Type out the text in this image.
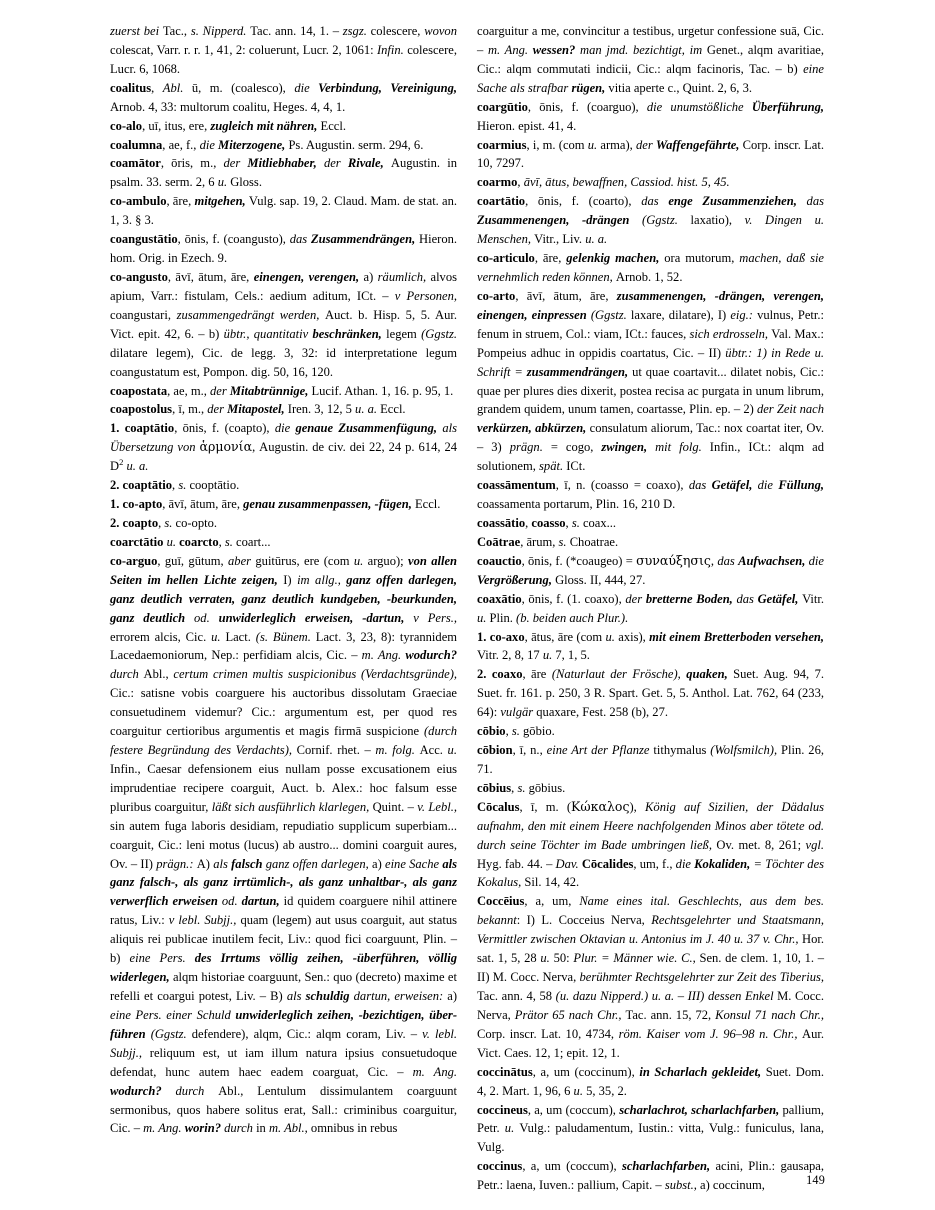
zuerst bei Tac., s. Nipperd. Tac. ann. 14, 1. – zsgz. colescere, wovon colescat, Varr. r. r. 1, 41, 2: coluerunt, Lucr. 2, 1061: Infin. colescere, Lucr. 6, 1068.

coalitus, Abl. ū, m. (coalesco), die Verbindung, Vereinigung, Arnob. 4, 33: multorum coalitu, Heges. 4, 4, 1.

co-alo, uī, itus, ere, zugleich mit nähren, Eccl.

coalumna, ae, f., die Miterzogene, Ps. Augustin. serm. 294, 6.

coamātor, ōris, m., der Mitliebhaber, der Rivale, Augustin. in psalm. 33. serm. 2, 6 u. Gloss.

co-ambulo, āre, mitgehen, Vulg. sap. 19, 2. Claud. Mam. de stat. an. 1, 3. § 3.

coangustātio, ōnis, f. (coangusto), das Zusammendrängen, Hieron. hom. Orig. in Ezech. 9.

co-angusto, āvī, ātum, āre, einengen, verengen, a) räumlich, alvos apium, Varr.: fistulam, Cels.: aedium aditum, ICt. – v Personen, coangustari, zusammengedrängt werden, Auct. b. Hisp. 5, 5. Aur. Vict. epit. 42, 6. – b) übtr., quantitativ beschränken, legem (Ggstz. dilatare legem), Cic. de legg. 3, 32: id interpretatione legum coangustatum est, Pompon. dig. 50, 16, 120.

coapostata, ae, m., der Mitabtrünnige, Lucif. Athan. 1, 16. p. 95, 1.

coapostolus, ī, m., der Mitapostel, Iren. 3, 12, 5 u. a. Eccl.

1. coaptātio, ōnis, f. (coapto), die genaue Zusammenfügung, als Übersetzung von ἁρμονία, Augustin. de civ. dei 22, 24 p. 614, 24 $D^2$ u. a.

2. coaptātio, s. cooptātio.

1. co-apto, āvī, ātum, āre, genau zusammenpassen, -fügen, Eccl.

2. coapto, s. co-opto.

coarctātio u. coarcto, s. coart...

co-arguo, guī, gūtum, aber guitūrus, ere (com u. arguo); von allen Seiten im hellen Lichte zeigen, I) im allg., ganz offen darlegen, ganz deutlich verraten, ganz deutlich kundgeben, -beurkunden, ganz deutlich od. unwiderleglich erweisen, -dartun, v Pers., errorem alcis, Cic. u. Lact. (s. Bünem. Lact. 3, 23, 8): tyrannidem Lacedaemoniorum, Nep.: perfidiam alcis, Cic. – m. Ang. wodurch? durch Abl., certum crimen multis suspicionibus (Verdachtsgründe), Cic.: satisne vobis coarguere his auctoribus dissolutam Graeciae consuetudinem videmur? Cic.: argumentum est, per quod res coarguitur certioribus argumentis et magis firmā suspicione (durch festere Begründung des Verdachts), Cornif. rhet. – m. folg. Acc. u. Infin., Caesar defensionem eius nullam posse excusationem eius imprudentiae recipere coarguit, Auct. b. Alex.: hoc falsum esse pluribus coarguitur, läßt sich ausführlich klarlegen, Quint. – v. Lebl., sin autem fuga laboris desidiam, repudiatio supplicum superbiam... coarguit, Cic.: leni motus (lucus) ab austro... domini coarguit aures, Ov. – II) prägn.: A) als falsch ganz offen darlegen, a) eine Sache als ganz falsch-, als ganz irrtümlich-, als ganz unhaltbar-, als ganz verwerflich erweisen od. dartun, id quidem coarguere nihil attinere ratus, Liv.: v lebl. Subjj., quam (legem) aut usus coarguit, aut status aliquis rei publicae inutilem fecit, Liv.: quod fici coarguunt, Plin. – b) eine Pers. des Irrtums völlig zeihen, -überführen, völlig widerlegen, alqm historiae coarguunt, Sen.: quo (decreto) maxime et refelli et coargui potest, Liv. – B) als schuldig dartun, erweisen: a) eine Pers. einer Schuld unwiderleglich zeihen, -bezichtigen, überführen (Ggstz. defendere), alqm, Cic.: alqm coram, Liv. – v. lebl. Subjj., reliquum est, ut iam illum natura ipsius consuetudoque defendat, hunc autem haec eadem coarguat, Cic. – m. Ang. wodurch? durch Abl., Lentulum dissimulantem coarguunt sermonibus, quos habere solitus erat, Sall.: criminibus coarguitur, Cic. – m. Ang. worin? durch in m. Abl., omnibus in rebus

coarguitur a me, convincitur a testibus, urgetur confessione suā, Cic. – m. Ang. wessen? man jmd. bezichtigt, im Genet., alqm avaritiae, Cic.: alqm commutati indicii, Cic.: alqm facinoris, Tac. – b) eine Sache als strafbar rügen, vitia aperte c., Quint. 2, 6, 3.

coargūtio, ōnis, f. (coarguo), die unumstößliche Überführung, Hieron. epist. 41, 4.

coarmius, i, m. (com u. arma), der Waffengefährte, Corp. inscr. Lat. 10, 7297.

coarmo, āvī, ātus, bewaffnen, Cassiod. hist. 5, 45.

coartātio, ōnis, f. (coarto), das enge Zusammenziehen, das Zusammenengen, -drängen (Ggstz. laxatio), v. Dingen u. Menschen, Vitr., Liv. u. a.

co-articulo, āre, gelenkig machen, ora mutorum, machen, daß sie vernehmlich reden können, Arnob. 1, 52.

co-arto, āvī, ātum, āre, zusammenengen, -drängen, verengen, einengen, einpressen (Ggstz. laxare, dilatare), I) eig.: vulnus, Petr.: fenum in struem, Col.: viam, ICt.: fauces, sich erdrosseln, Val. Max.: Pompeius adhuc in oppidis coartatus, Cic. – II) übtr.: 1) in Rede u. Schrift = zusammendrängen, ut quae coartavit... dilatet nobis, Cic.: quae per plures dies dixerit, postea recisa ac purgata in unum librum, grandem quidem, unum tamen, coartasse, Plin. ep. – 2) der Zeit nach verkürzen, abkürzen, consulatum aliorum, Tac.: nox coartat iter, Ov. – 3) prägn. = cogo, zwingen, mit folg. Infin., ICt.: alqm ad solutionem, spät. ICt.

coassāmentum, ī, n. (coasso = coaxo), das Getäfel, die Füllung, coassamenta portarum, Plin. 16, 210 D.

coassātio, coasso, s. coax...

Coātrae, ārum, s. Choatrae.

coauctio, ōnis, f. (*coaugeo) = συναύξησις, das Aufwachsen, die Vergrößerung, Gloss. II, 444, 27.

coaxātio, ōnis, f. (1. coaxo), der bretterne Boden, das Getäfel, Vitr. u. Plin. (b. beiden auch Plur.).

1. co-axo, ātus, āre (com u. axis), mit einem Bretterboden versehen, Vitr. 2, 8, 17 u. 7, 1, 5.

2. coaxo, āre (Naturlaut der Frösche), quaken, Suet. Aug. 94, 7. Suet. fr. 161. p. 250, 3 R. Spart. Get. 5, 5. Anthol. Lat. 762, 64 (233, 64): vulgär quaxare, Fest. 258 (b), 27.

cōbio, s. gōbio.

cōbion, ī, n., eine Art der Pflanze tithymalus (Wolfsmilch), Plin. 26, 71.

cōbius, s. gōbius.

Cōcalus, ī, m. (Κώκαλος), König auf Sizilien, der Dädalus aufnahm, den mit einem Heere nachfolgenden Minos aber tötete od. durch seine Töchter im Bade umbringen ließ, Ov. met. 8, 261; vgl. Hyg. fab. 44. – Dav. Cōcalides, um, f., die Kokaliden, = Töchter des Kokalus, Sil. 14, 42.

Coccēius, a, um, Name eines ital. Geschlechts, aus dem bes. bekannt: I) L. Cocceius Nerva, Rechtsgelehrter und Staatsmann, Vermittler zwischen Oktavian u. Antonius im J. 40 u. 37 v. Chr., Hor. sat. 1, 5, 28 u. 50: Plur. = Männer wie. C., Sen. de clem. 1, 10, 1. – II) M. Cocc. Nerva, berühmter Rechtsgelehrter zur Zeit des Tiberius, Tac. ann. 4, 58 (u. dazu Nipperd.) u. a. – III) dessen Enkel M. Cocc. Nerva, Prätor 65 nach Chr., Tac. ann. 15, 72, Konsul 71 nach Chr., Corp. inscr. Lat. 10, 4734, röm. Kaiser vom J. 96–98 n. Chr., Aur. Vict. Caes. 12, 1; epit. 12, 1.

coccinātus, a, um (coccinum), in Scharlach gekleidet, Suet. Dom. 4, 2. Mart. 1, 96, 6 u. 5, 35, 2.

coccineus, a, um (coccum), scharlachrot, scharlachfarben, pallium, Petr. u. Vulg.: paludamentum, Iustin.: vitta, Vulg.: funiculus, lana, Vulg.

coccinus, a, um (coccum), scharlachfarben, acini, Plin.: gausapa, Petr.: laena, Iuven.: pallium, Capit. – subst., a) coccinum,	149
